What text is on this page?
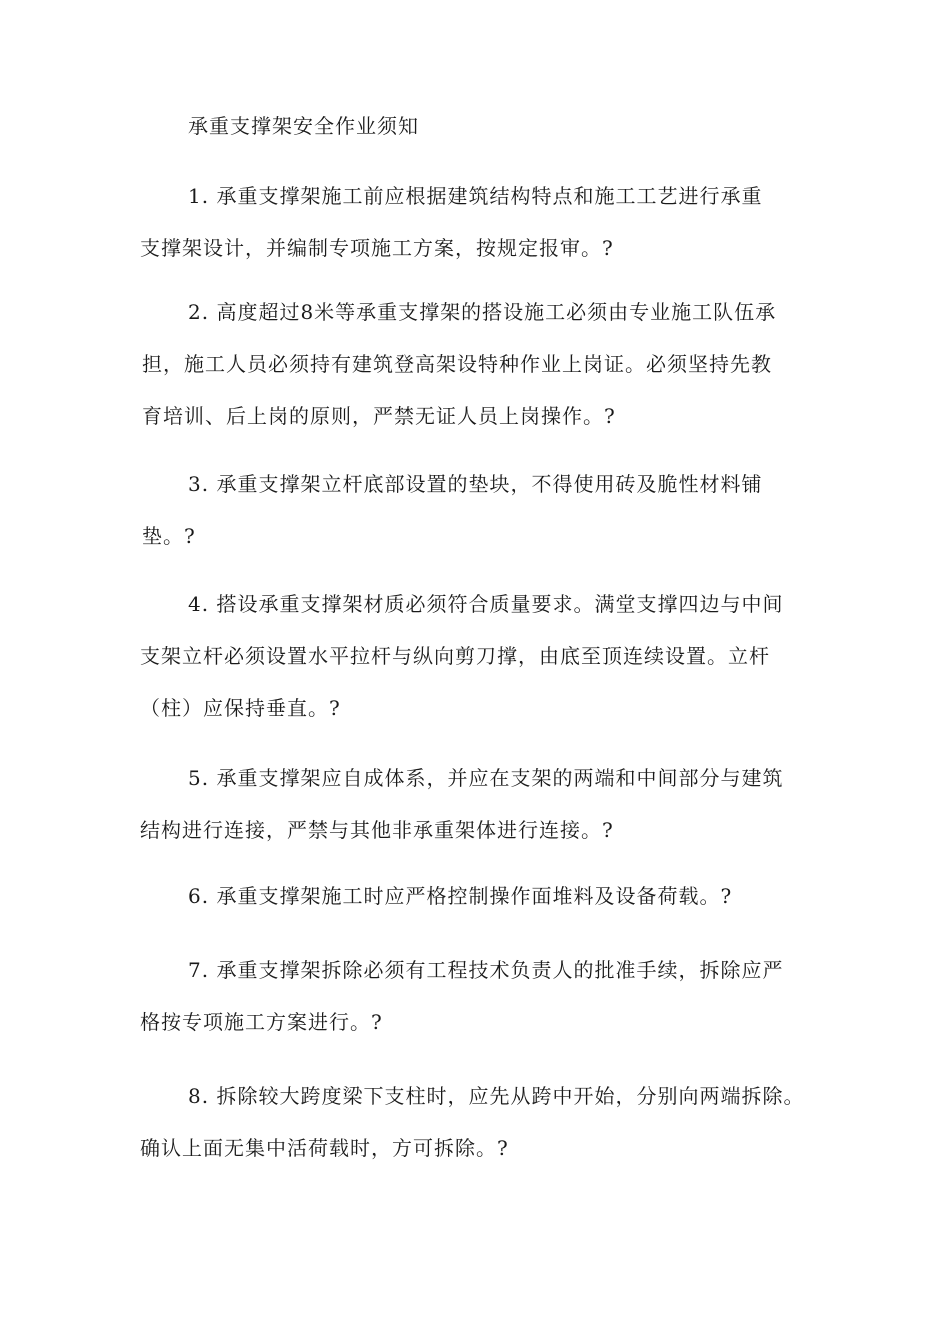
承重支撑架安全作业须知
1. 承重支撑架施工前应根据建筑结构特点和施工工艺进行承重
支撑架设计，并编制专项施工方案，按规定报审。?
2. 高度超过8米等承重支撑架的搭设施工必须由专业施工队伍承
担，施工人员必须持有建筑登高架设特种作业上岗证。必须坚持先教
育培训、后上岗的原则，严禁无证人员上岗操作。?
3. 承重支撑架立杆底部设置的垫块，不得使用砖及脆性材料铺
垫。?
4. 搭设承重支撑架材质必须符合质量要求。满堂支撑四边与中间
支架立杆必须设置水平拉杆与纵向剪刀撑，由底至顶连续设置。立杆
（柱）应保持垂直。?
5. 承重支撑架应自成体系，并应在支架的两端和中间部分与建筑
结构进行连接，严禁与其他非承重架体进行连接。?
6. 承重支撑架施工时应严格控制操作面堆料及设备荷载。?
7. 承重支撑架拆除必须有工程技术负责人的批准手续，拆除应严
格按专项施工方案进行。?
8. 拆除较大跨度梁下支柱时，应先从跨中开始，分别向两端拆除。
确认上面无集中活荷载时，方可拆除。?
